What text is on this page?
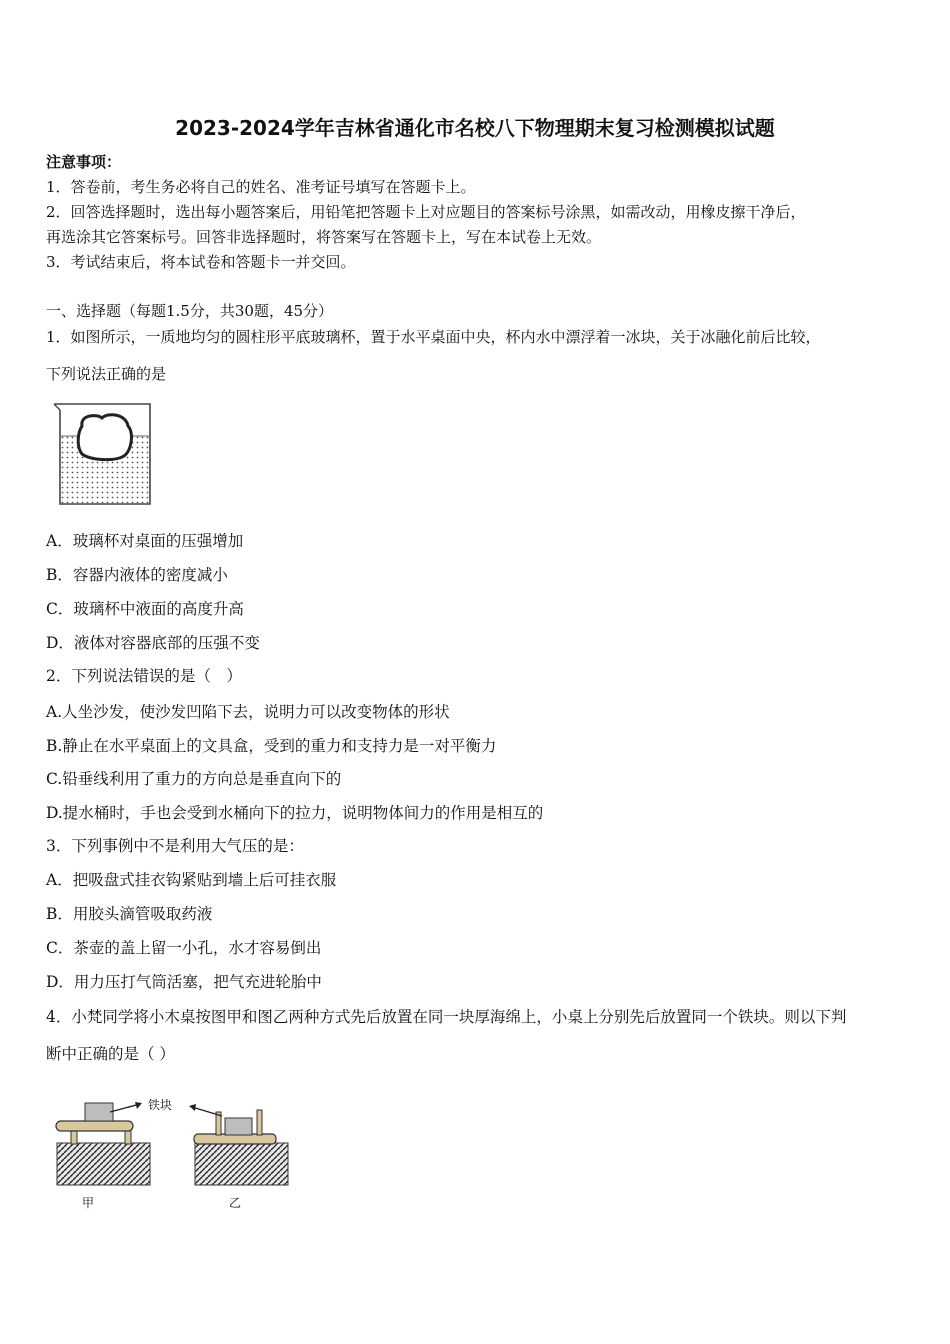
2023-2024学年吉林省通化市名校八下物理期末复习检测模拟试题
注意事项：
1．答卷前，考生务必将自己的姓名、准考证号填写在答题卡上。
2．回答选择题时，选出每小题答案后，用铅笔把答题卡上对应题目的答案标号涂黑，如需改动，用橡皮擦干净后，
再选涂其它答案标号。回答非选择题时，将答案写在答题卡上，写在本试卷上无效。
3．考试结束后，将本试卷和答题卡一并交回。
一、选择题（每题1.5分，共30题，45分）
1．如图所示，一质地均匀的圆柱形平底玻璃杯，置于水平桌面中央，杯内水中漂浮着一冰块，关于冰融化前后比较，
下列说法正确的是
A．玻璃杯对桌面的压强增加
B．容器内液体的密度减小
C．玻璃杯中液面的高度升高
D．液体对容器底部的压强不变
2．下列说法错误的是（　）
A.人坐沙发，使沙发凹陷下去，说明力可以改变物体的形状
B.静止在水平桌面上的文具盒，受到的重力和支持力是一对平衡力
C.铅垂线利用了重力的方向总是垂直向下的
D.提水桶时，手也会受到水桶向下的拉力，说明物体间力的作用是相互的
3．下列事例中不是利用大气压的是：
A．把吸盘式挂衣钩紧贴到墙上后可挂衣服
B．用胶头滴管吸取药液
C．茶壶的盖上留一小孔，水才容易倒出
D．用力压打气筒活塞，把气充进轮胎中
4．小梵同学将小木桌按图甲和图乙两种方式先后放置在同一块厚海绵上，小桌上分别先后放置同一个铁块。则以下判
断中正确的是（ ）
铁块
甲	乙
